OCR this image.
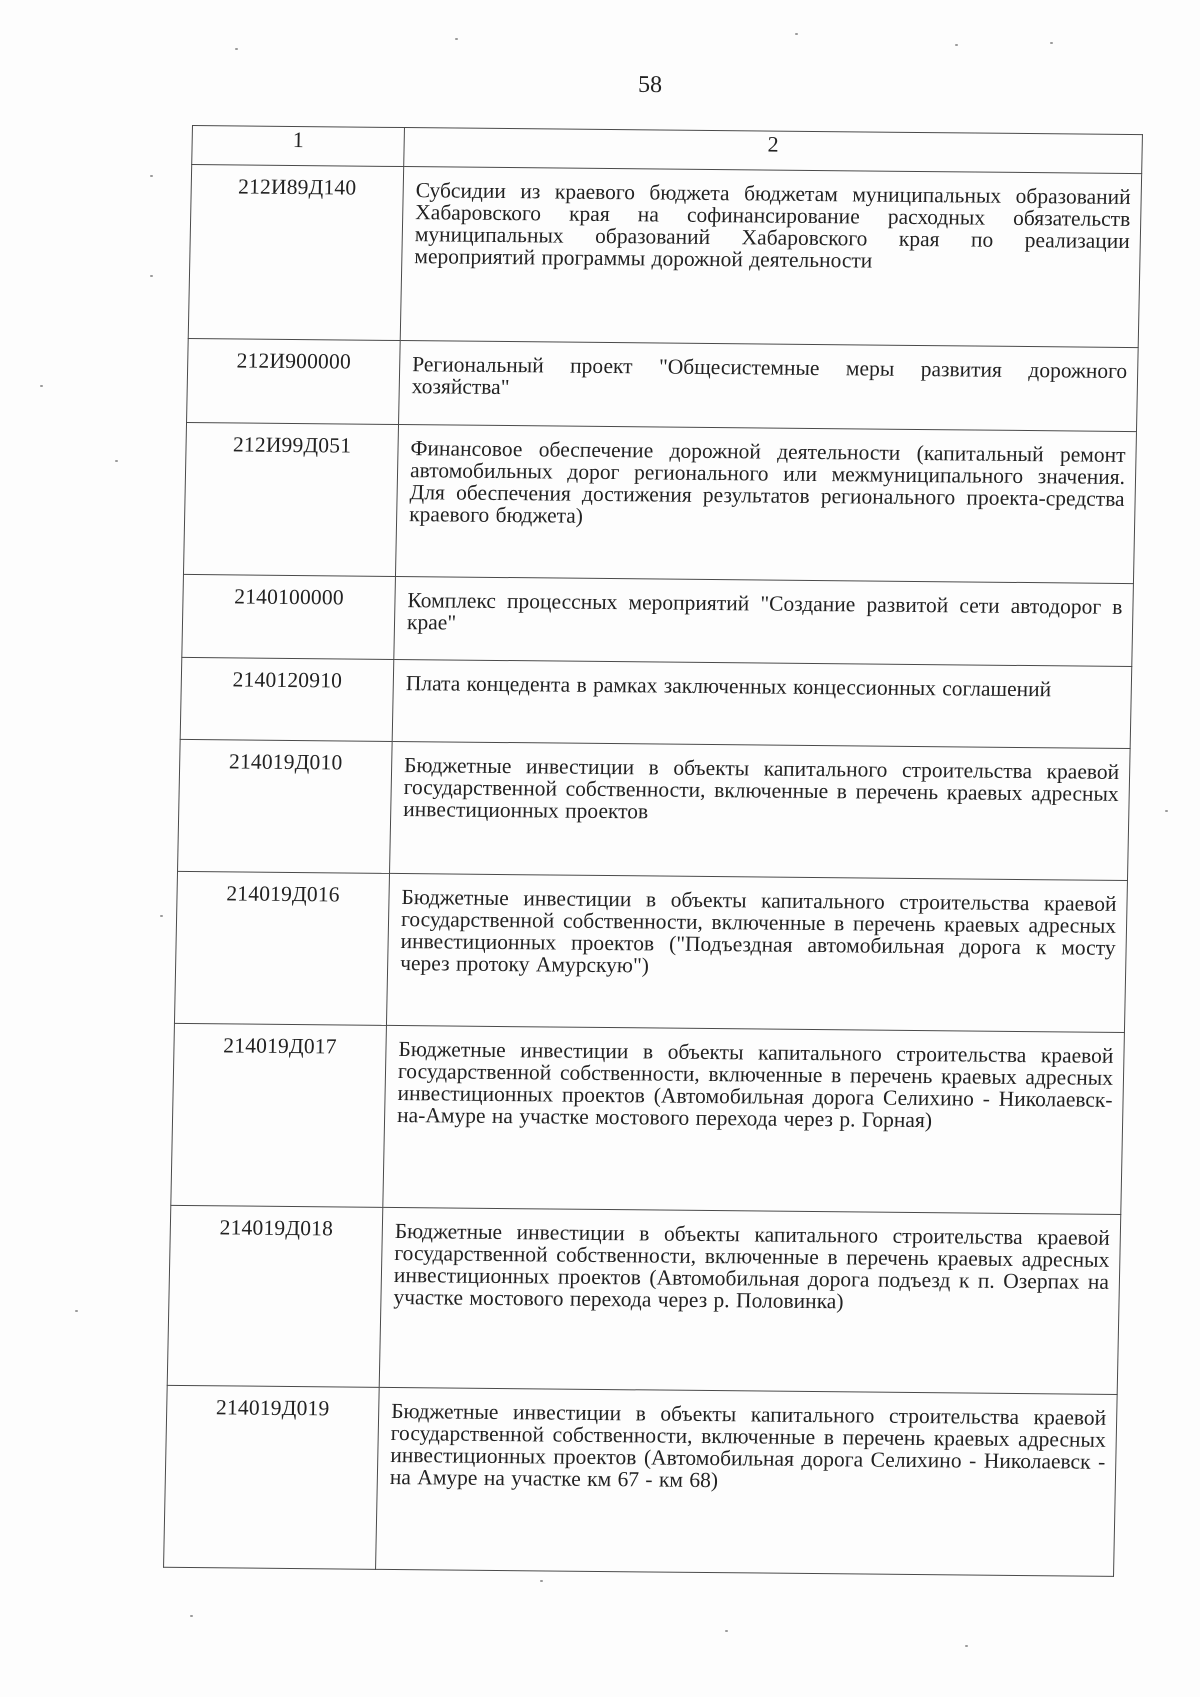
58
1	2
212И89Д140	Субсидии из краевого бюджета бюджетам муниципальных образований Хабаровского края на софинансирование расходных обязательств муниципальных образований Хабаровского края по реализации мероприятий программы дорожной деятельности
212И900000	Региональный проект "Общесистемные меры развития дорожного хозяйства"
212И99Д051	Финансовое обеспечение дорожной деятельности (капитальный ремонт автомобильных дорог регионального или межмуниципального значения. Для обеспечения достижения результатов регионального проекта-средства краевого бюджета)
2140100000	Комплекс процессных мероприятий "Создание развитой сети автодорог в крае"
2140120910	Плата концедента в рамках заключенных концессионных соглашений
214019Д010	Бюджетные инвестиции в объекты капитального строительства краевой государственной собственности, включенные в перечень краевых адресных инвестиционных проектов
214019Д016	Бюджетные инвестиции в объекты капитального строительства краевой государственной собственности, включенные в перечень краевых адресных инвестиционных проектов ("Подъездная автомобильная дорога к мосту через протоку Амурскую")
214019Д017	Бюджетные инвестиции в объекты капитального строительства краевой государственной собственности, включенные в перечень краевых адресных инвестиционных проектов (Автомобильная дорога Селихино - Николаевск-на-Амуре на участке мостового перехода через р. Горная)
214019Д018	Бюджетные инвестиции в объекты капитального строительства краевой государственной собственности, включенные в перечень краевых адресных инвестиционных проектов (Автомобильная дорога подъезд к п. Озерпах на участке мостового перехода через р. Половинка)
214019Д019	Бюджетные инвестиции в объекты капитального строительства краевой государственной собственности, включенные в перечень краевых адресных инвестиционных проектов (Автомобильная дорога Селихино - Николаевск - на Амуре на участке км 67 - км 68)
